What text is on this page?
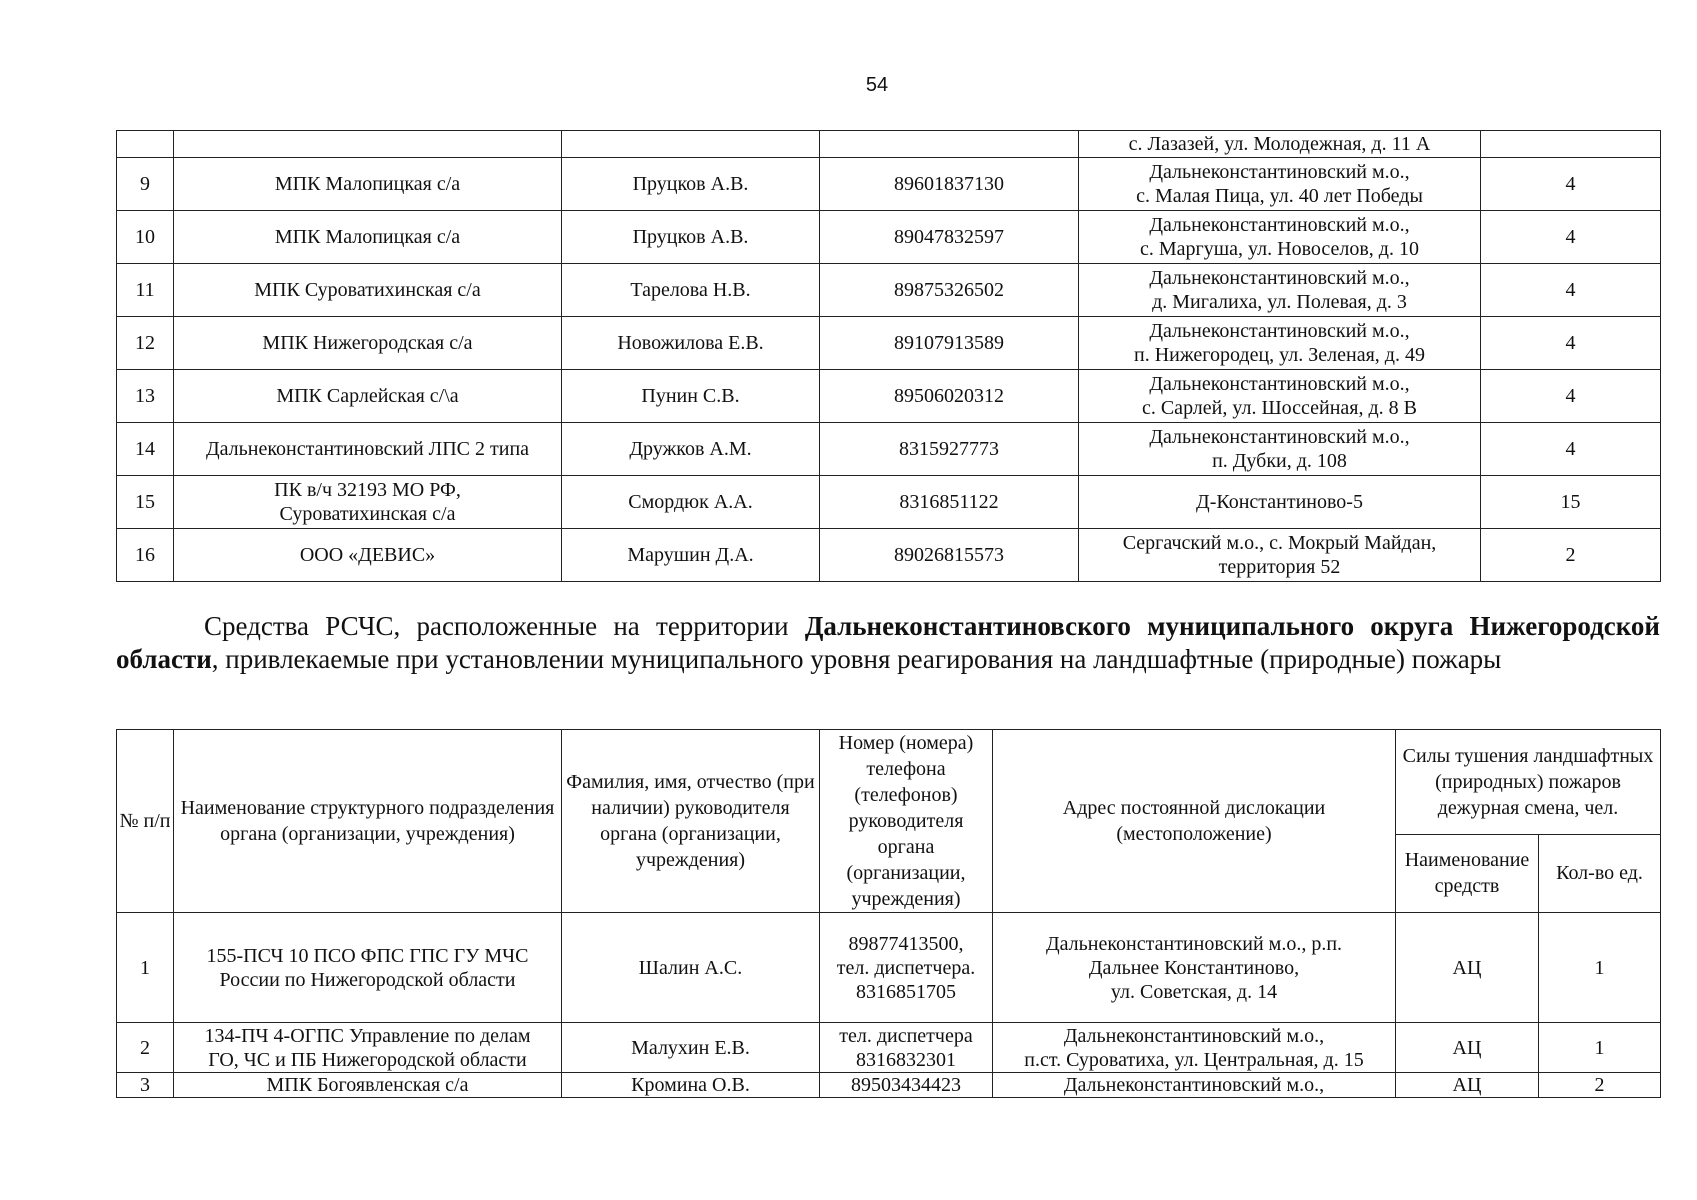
54
				с. Лазазей, ул. Молодежная, д. 11 А	
9	МПК Малопицкая с/а	Пруцков А.В.	89601837130	Дальнеконстантиновский м.о.,
с. Малая Пица, ул. 40 лет Победы	4
10	МПК Малопицкая с/а	Пруцков А.В.	89047832597	Дальнеконстантиновский м.о.,
с. Маргуша, ул. Новоселов, д. 10	4
11	МПК Суроватихинская с/а	Тарелова Н.В.	89875326502	Дальнеконстантиновский м.о.,
д. Мигалиха, ул. Полевая, д. 3	4
12	МПК Нижегородская с/а	Новожилова Е.В.	89107913589	Дальнеконстантиновский м.о.,
п. Нижегородец, ул. Зеленая, д. 49	4
13	МПК Сарлейская с/\а	Пунин С.В.	89506020312	Дальнеконстантиновский м.о.,
с. Сарлей, ул. Шоссейная, д. 8 В	4
14	Дальнеконстантиновский ЛПС 2 типа	Дружков А.М.	8315927773	Дальнеконстантиновский м.о.,
п. Дубки, д. 108	4
15	ПК в/ч 32193 МО РФ,
Суроватихинская с/а	Смордюк А.А.	8316851122	Д-Константиново-5	15
16	ООО «ДЕВИС»	Марушин Д.А.	89026815573	Сергачский м.о., с. Мокрый Майдан,
территория 52	2
Средства РСЧС, расположенные на территории Дальнеконстантиновского муниципального округа Нижегородской области, привлекаемые при установлении муниципального уровня реагирования на ландшафтные (природные) пожары
№ п/п	Наименование структурного подразделения органа (организации, учреждения)	Фамилия, имя, отчество (при наличии) руководителя органа (организации, учреждения)	Номер (номера) телефона (телефонов) руководителя органа (организации, учреждения)	Адрес постоянной дислокации (местоположение)	Силы тушения ландшафтных (природных) пожаров дежурная смена, чел.	
					Наименование средств	Кол-во ед.
1	155-ПСЧ 10 ПСО ФПС ГПС ГУ МЧС
России по Нижегородской области	Шалин А.С.	89877413500,
тел. диспетчера.
8316851705	Дальнеконстантиновский м.о., р.п.
Дальнее Константиново,
ул. Советская, д. 14	АЦ	1
2	134-ПЧ 4-ОГПС Управление по делам
ГО, ЧС и ПБ Нижегородской области	Малухин Е.В.	тел. диспетчера
8316832301	Дальнеконстантиновский м.о.,
п.ст. Суроватиха, ул. Центральная, д. 15	АЦ	1
3	МПК Богоявленская с/а	Кромина О.В.	89503434423	Дальнеконстантиновский м.о.,	АЦ	2
